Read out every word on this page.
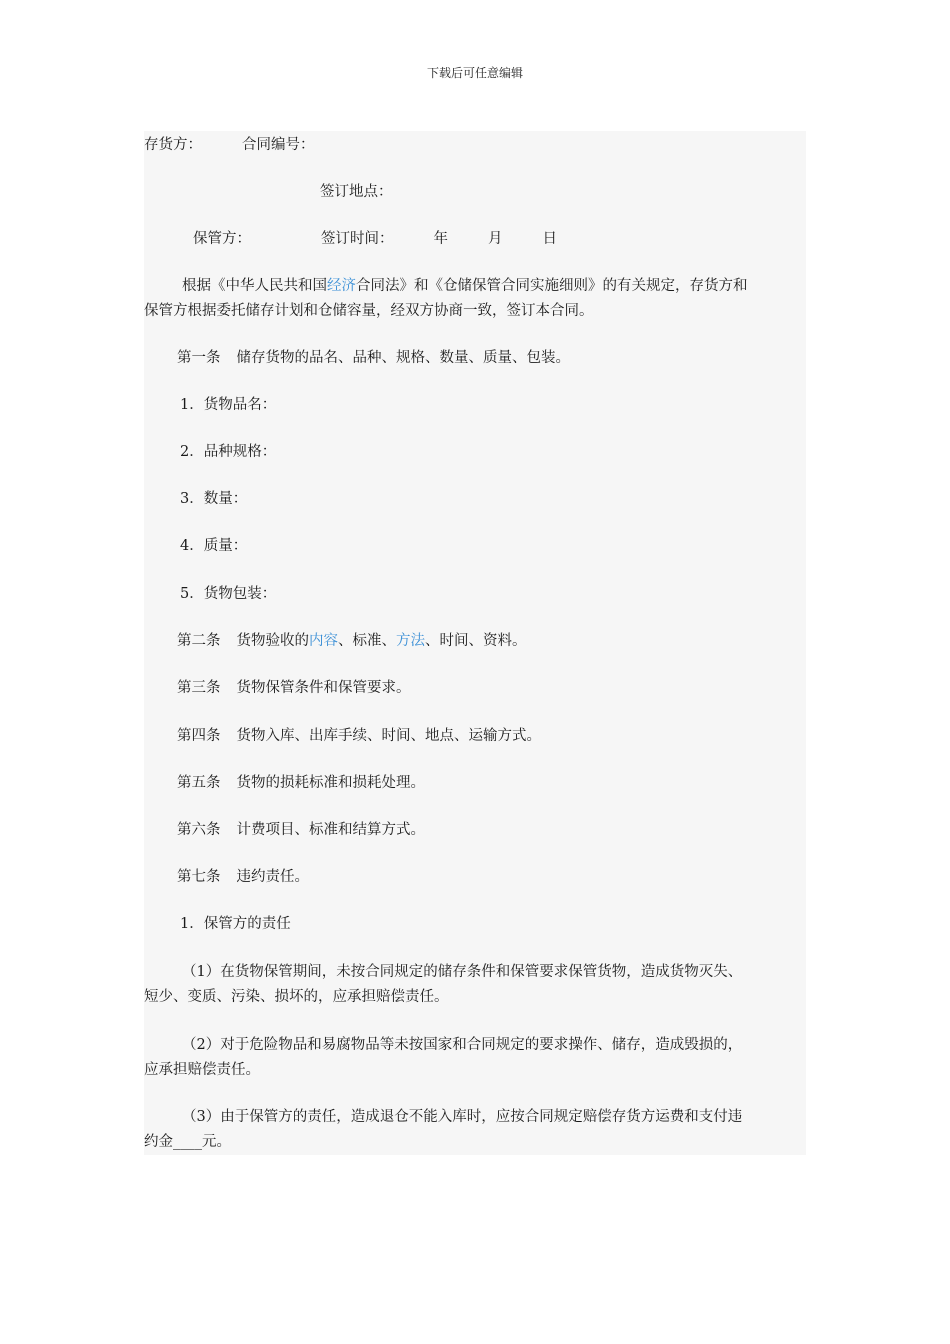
下载后可任意编辑
存货方：	合同编号：
签订地点：
保管方：	签订时间：	年	月	日
根据《中华人民共和国经济合同法》和《仓储保管合同实施细则》的有关规定，存货方和
保管方根据委托储存计划和仓储容量，经双方协商一致，签订本合同。
第一条 储存货物的品名、品种、规格、数量、质量、包装。
1．货物品名：
2．品种规格：
3．数量：
4．质量：
5．货物包装：
第二条 货物验收的内容、标准、方法、时间、资料。
第三条 货物保管条件和保管要求。
第四条 货物入库、出库手续、时间、地点、运输方式。
第五条 货物的损耗标准和损耗处理。
第六条 计费项目、标准和结算方式。
第七条 违约责任。
1．保管方的责任
（1）在货物保管期间，未按合同规定的储存条件和保管要求保管货物，造成货物灭失、
短少、变质、污染、损坏的，应承担赔偿责任。
（2）对于危险物品和易腐物品等未按国家和合同规定的要求操作、储存，造成毁损的，
应承担赔偿责任。
（3）由于保管方的责任，造成退仓不能入库时，应按合同规定赔偿存货方运费和支付违
约金____元。
